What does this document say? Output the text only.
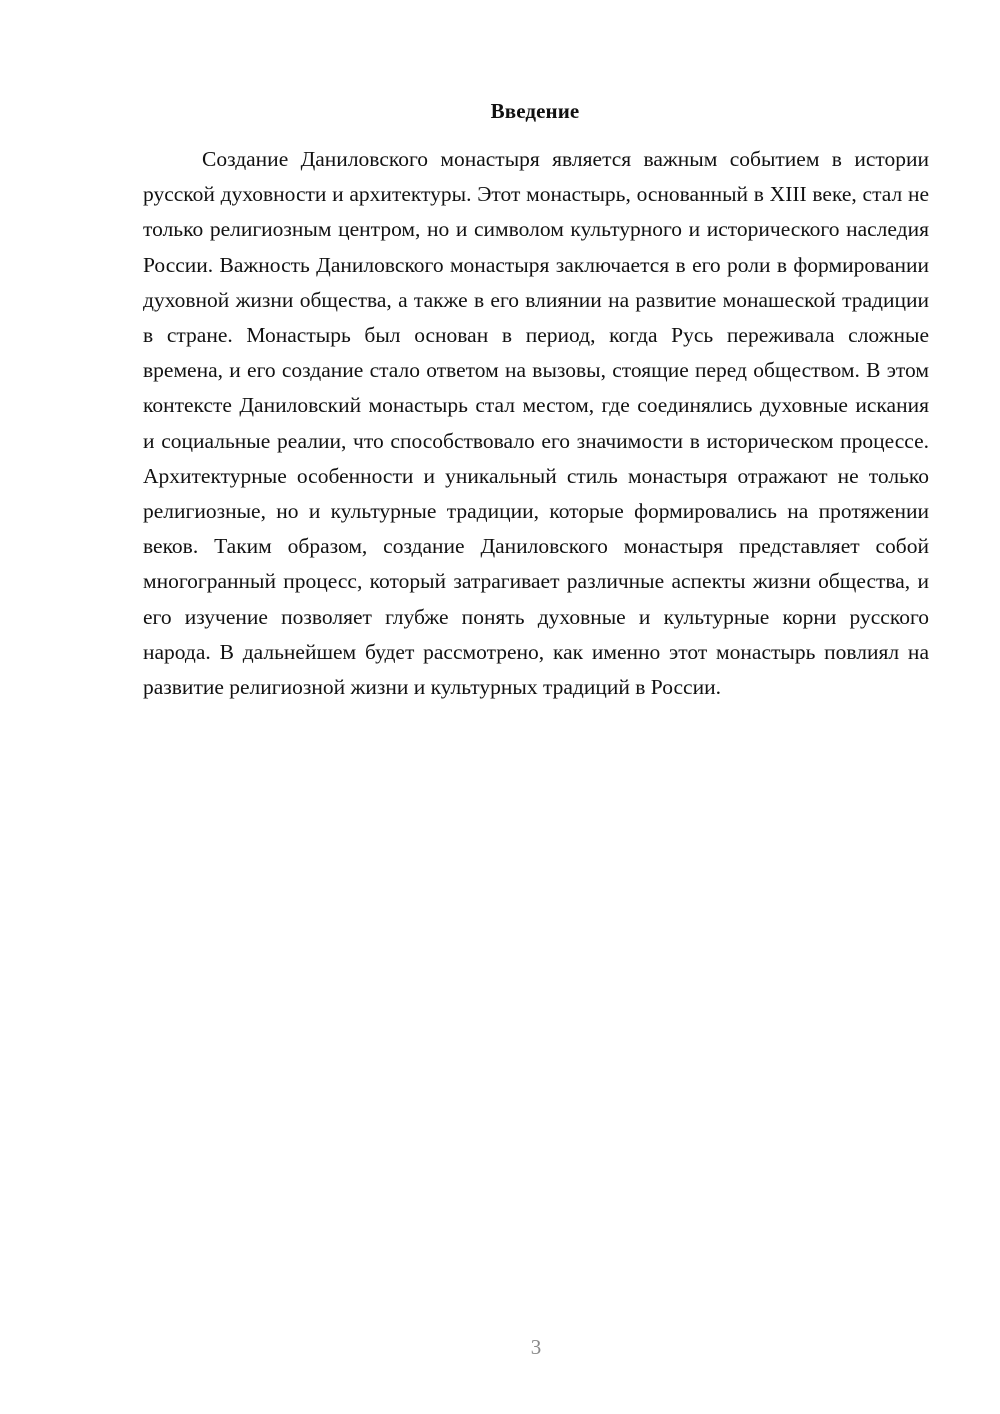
Введение

Создание Даниловского монастыря является важным событием в истории русской духовности и архитектуры. Этот монастырь, основанный в XIII веке, стал не только религиозным центром, но и символом культурного и исторического наследия России. Важность Даниловского монастыря заключается в его роли в формировании духовной жизни общества, а также в его влиянии на развитие монашеской традиции в стране. Монастырь был основан в период, когда Русь переживала сложные времена, и его создание стало ответом на вызовы, стоящие перед обществом. В этом контексте Даниловский монастырь стал местом, где соединялись духовные искания и социальные реалии, что способствовало его значимости в историческом процессе. Архитектурные особенности и уникальный стиль монастыря отражают не только религиозные, но и культурные традиции, которые формировались на протяжении веков. Таким образом, создание Даниловского монастыря представляет собой многогранный процесс, который затрагивает различные аспекты жизни общества, и его изучение позволяет глубже понять духовные и культурные корни русского народа. В дальнейшем будет рассмотрено, как именно этот монастырь повлиял на развитие религиозной жизни и культурных традиций в России.

3
